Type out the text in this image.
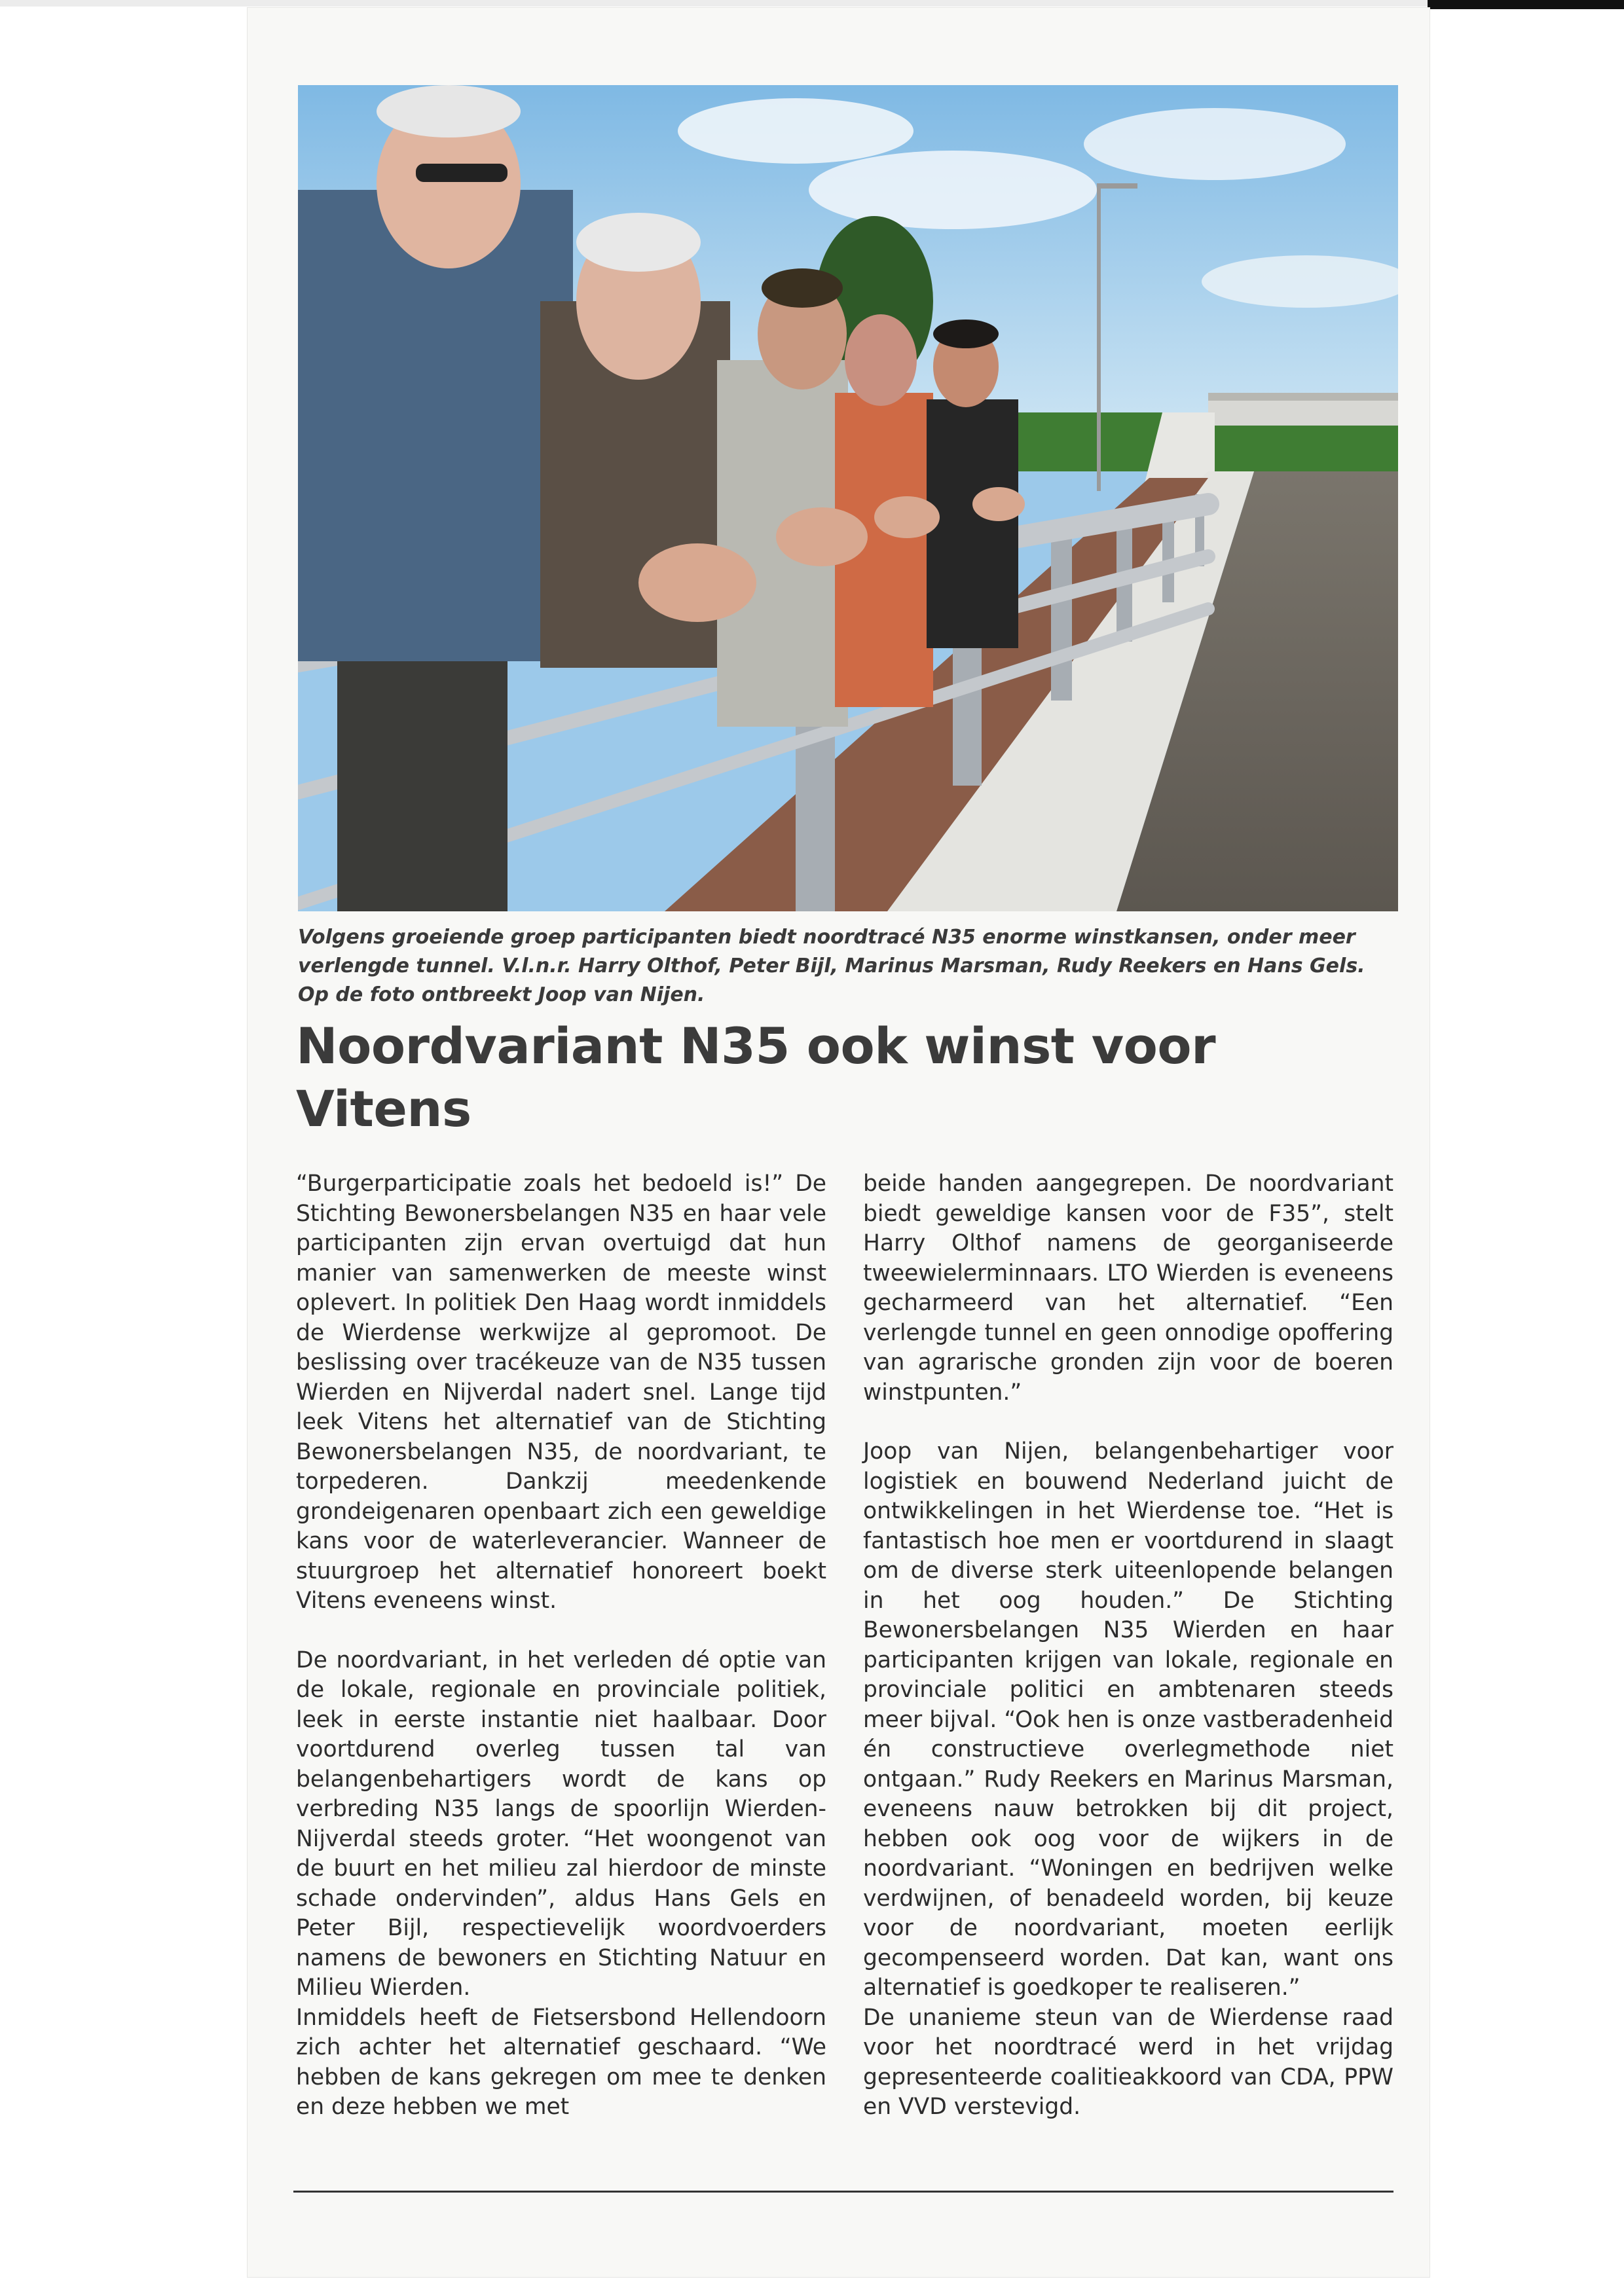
Volgens groeiende groep participanten biedt noordtracé N35 enorme winstkansen, onder meer verlengde tunnel. V.l.n.r. Harry Olthof, Peter Bijl, Marinus Marsman, Rudy Reekers en Hans Gels. Op de foto ontbreekt Joop van Nijen.

Noordvariant N35 ook winst voor Vitens

“Burgerparticipatie zoals het bedoeld is!” De Stichting Bewonersbelangen N35 en haar vele participanten zijn ervan overtuigd dat hun manier van samenwerken de meeste winst oplevert. In politiek Den Haag wordt inmiddels de Wierdense werkwijze al gepromoot. De beslissing over tracékeuze van de N35 tussen Wierden en Nijverdal nadert snel. Lange tijd leek Vitens het alternatief van de Stichting Bewonersbelangen N35, de noordvariant, te torpederen. Dankzij meedenkende grondeigenaren openbaart zich een geweldige kans voor de waterleverancier. Wanneer de stuurgroep het alternatief honoreert boekt Vitens eveneens winst.

De noordvariant, in het verleden dé optie van de lokale, regionale en provinciale politiek, leek in eerste instantie niet haalbaar. Door voortdurend overleg tussen tal van belangenbehartigers wordt de kans op verbreding N35 langs de spoorlijn Wierden-Nijverdal steeds groter. “Het woongenot van de buurt en het milieu zal hierdoor de minste schade ondervinden”, aldus Hans Gels en Peter Bijl, respectievelijk woordvoerders namens de bewoners en Stichting Natuur en Milieu Wierden.

Inmiddels heeft de Fietsersbond Hellendoorn zich achter het alternatief geschaard. “We hebben de kans gekregen om mee te denken en deze hebben we met

beide handen aangegrepen. De noordvariant biedt geweldige kansen voor de F35”, stelt Harry Olthof namens de georganiseerde tweewielerminnaars. LTO Wierden is eveneens gecharmeerd van het alternatief. “Een verlengde tunnel en geen onnodige opoffering van agrarische gronden zijn voor de boeren winstpunten.”

Joop van Nijen, belangenbehartiger voor logistiek en bouwend Nederland juicht de ontwikkelingen in het Wierdense toe. “Het is fantastisch hoe men er voortdurend in slaagt om de diverse sterk uiteenlopende belangen in het oog houden.” De Stichting Bewonersbelangen N35 Wierden en haar participanten krijgen van lokale, regionale en provinciale politici en ambtenaren steeds meer bijval. “Ook hen is onze vastberadenheid én constructieve overlegmethode niet ontgaan.” Rudy Reekers en Marinus Marsman, eveneens nauw betrokken bij dit project, hebben ook oog voor de wijkers in de noordvariant. “Woningen en bedrijven welke verdwijnen, of benadeeld worden, bij keuze voor de noordvariant, moeten eerlijk gecompenseerd worden. Dat kan, want ons alternatief is goedkoper te realiseren.”

De unanieme steun van de Wierdense raad voor het noordtracé werd in het vrijdag gepresenteerde coalitieakkoord van CDA, PPW en VVD verstevigd.
